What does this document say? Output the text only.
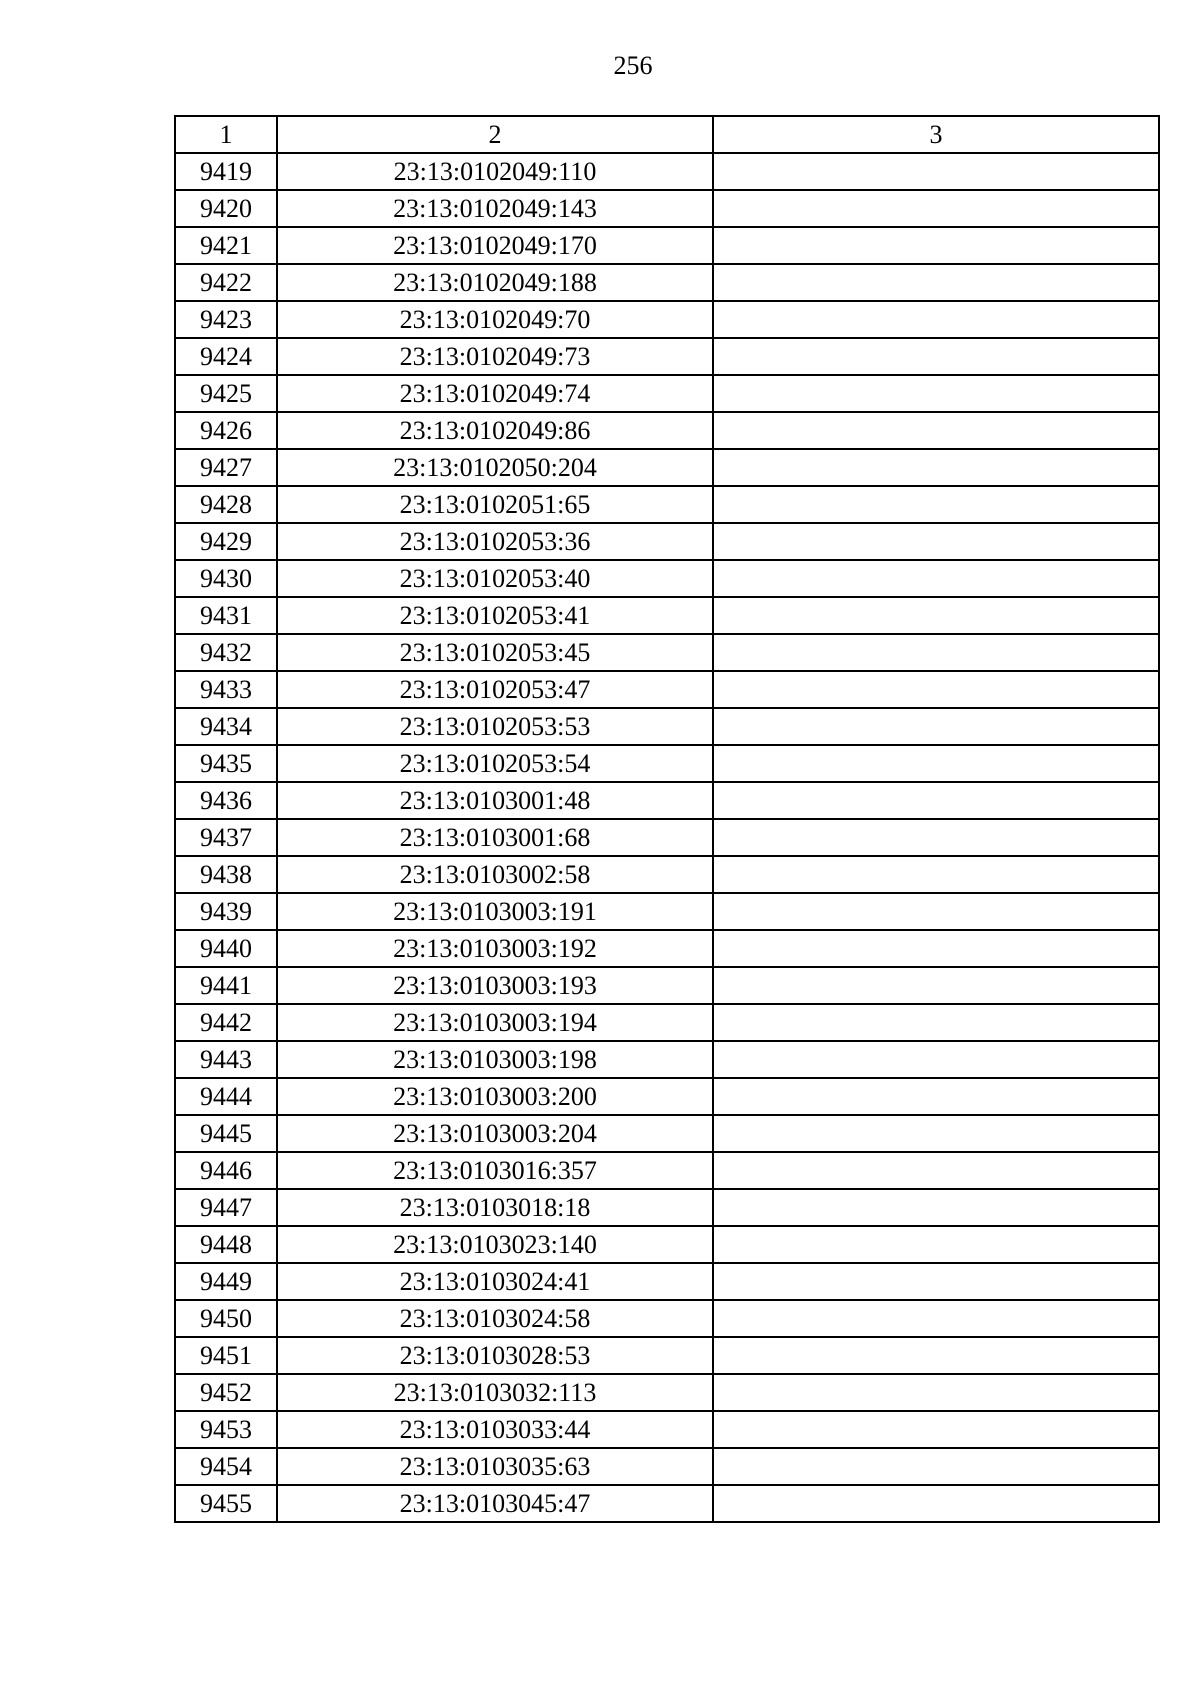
256
1	2	3
9419	23:13:0102049:110	
9420	23:13:0102049:143	
9421	23:13:0102049:170	
9422	23:13:0102049:188	
9423	23:13:0102049:70	
9424	23:13:0102049:73	
9425	23:13:0102049:74	
9426	23:13:0102049:86	
9427	23:13:0102050:204	
9428	23:13:0102051:65	
9429	23:13:0102053:36	
9430	23:13:0102053:40	
9431	23:13:0102053:41	
9432	23:13:0102053:45	
9433	23:13:0102053:47	
9434	23:13:0102053:53	
9435	23:13:0102053:54	
9436	23:13:0103001:48	
9437	23:13:0103001:68	
9438	23:13:0103002:58	
9439	23:13:0103003:191	
9440	23:13:0103003:192	
9441	23:13:0103003:193	
9442	23:13:0103003:194	
9443	23:13:0103003:198	
9444	23:13:0103003:200	
9445	23:13:0103003:204	
9446	23:13:0103016:357	
9447	23:13:0103018:18	
9448	23:13:0103023:140	
9449	23:13:0103024:41	
9450	23:13:0103024:58	
9451	23:13:0103028:53	
9452	23:13:0103032:113	
9453	23:13:0103033:44	
9454	23:13:0103035:63	
9455	23:13:0103045:47	
